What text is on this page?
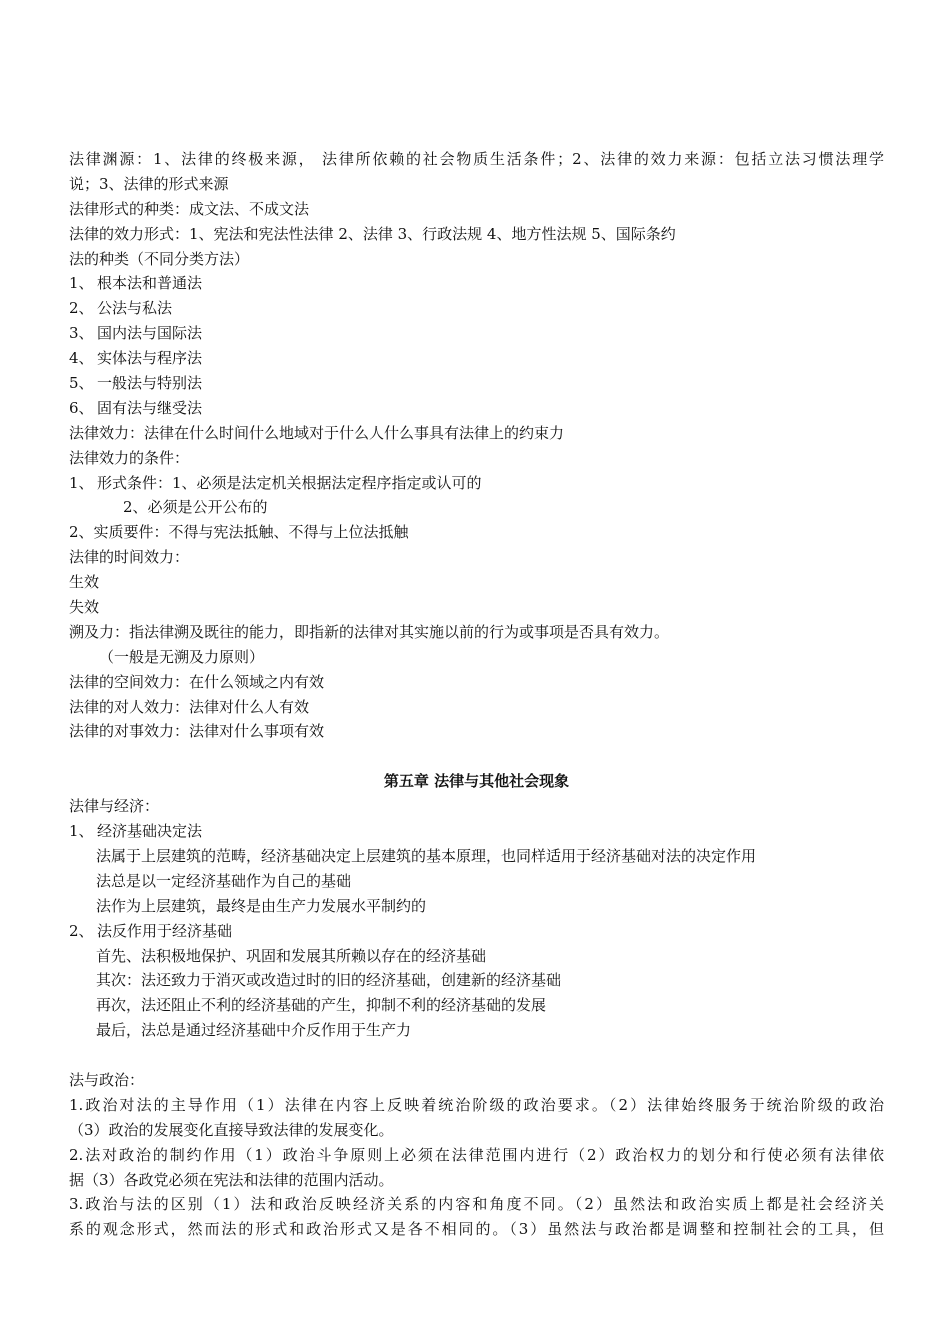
法律渊源：1、法律的终极来源， 法律所依赖的社会物质生活条件；2、法律的效力来源：包括立法习惯法理学
说；3、法律的形式来源
法律形式的种类：成文法、不成文法
法律的效力形式：1、宪法和宪法性法律 2、法律 3、行政法规 4、地方性法规 5、国际条约
法的种类（不同分类方法）
1、 根本法和普通法
2、 公法与私法
3、 国内法与国际法
4、 实体法与程序法
5、 一般法与特别法
6、 固有法与继受法
法律效力：法律在什么时间什么地域对于什么人什么事具有法律上的约束力
法律效力的条件：
1、 形式条件：1、必须是法定机关根据法定程序指定或认可的
2、必须是公开公布的
2、实质要件：不得与宪法抵触、不得与上位法抵触
法律的时间效力：
生效
失效
溯及力：指法律溯及既往的能力，即指新的法律对其实施以前的行为或事项是否具有效力。
（一般是无溯及力原则）
法律的空间效力：在什么领域之内有效
法律的对人效力：法律对什么人有效
法律的对事效力：法律对什么事项有效
第五章 法律与其他社会现象
法律与经济：
1、 经济基础决定法
法属于上层建筑的范畴，经济基础决定上层建筑的基本原理，也同样适用于经济基础对法的决定作用
法总是以一定经济基础作为自己的基础
法作为上层建筑，最终是由生产力发展水平制约的
2、 法反作用于经济基础
首先、法积极地保护、巩固和发展其所赖以存在的经济基础
其次：法还致力于消灭或改造过时的旧的经济基础，创建新的经济基础
再次，法还阻止不利的经济基础的产生，抑制不利的经济基础的发展
最后，法总是通过经济基础中介反作用于生产力
法与政治：
1.政治对法的主导作用（1）法律在内容上反映着统治阶级的政治要求。（2）法律始终服务于统治阶级的政治
（3）政治的发展变化直接导致法律的发展变化。
2.法对政治的制约作用（1）政治斗争原则上必须在法律范围内进行（2）政治权力的划分和行使必须有法律依
据（3）各政党必须在宪法和法律的范围内活动。
3.政治与法的区别（1）法和政治反映经济关系的内容和角度不同。（2）虽然法和政治实质上都是社会经济关
系的观念形式，然而法的形式和政治形式又是各不相同的。（3）虽然法与政治都是调整和控制社会的工具，但
